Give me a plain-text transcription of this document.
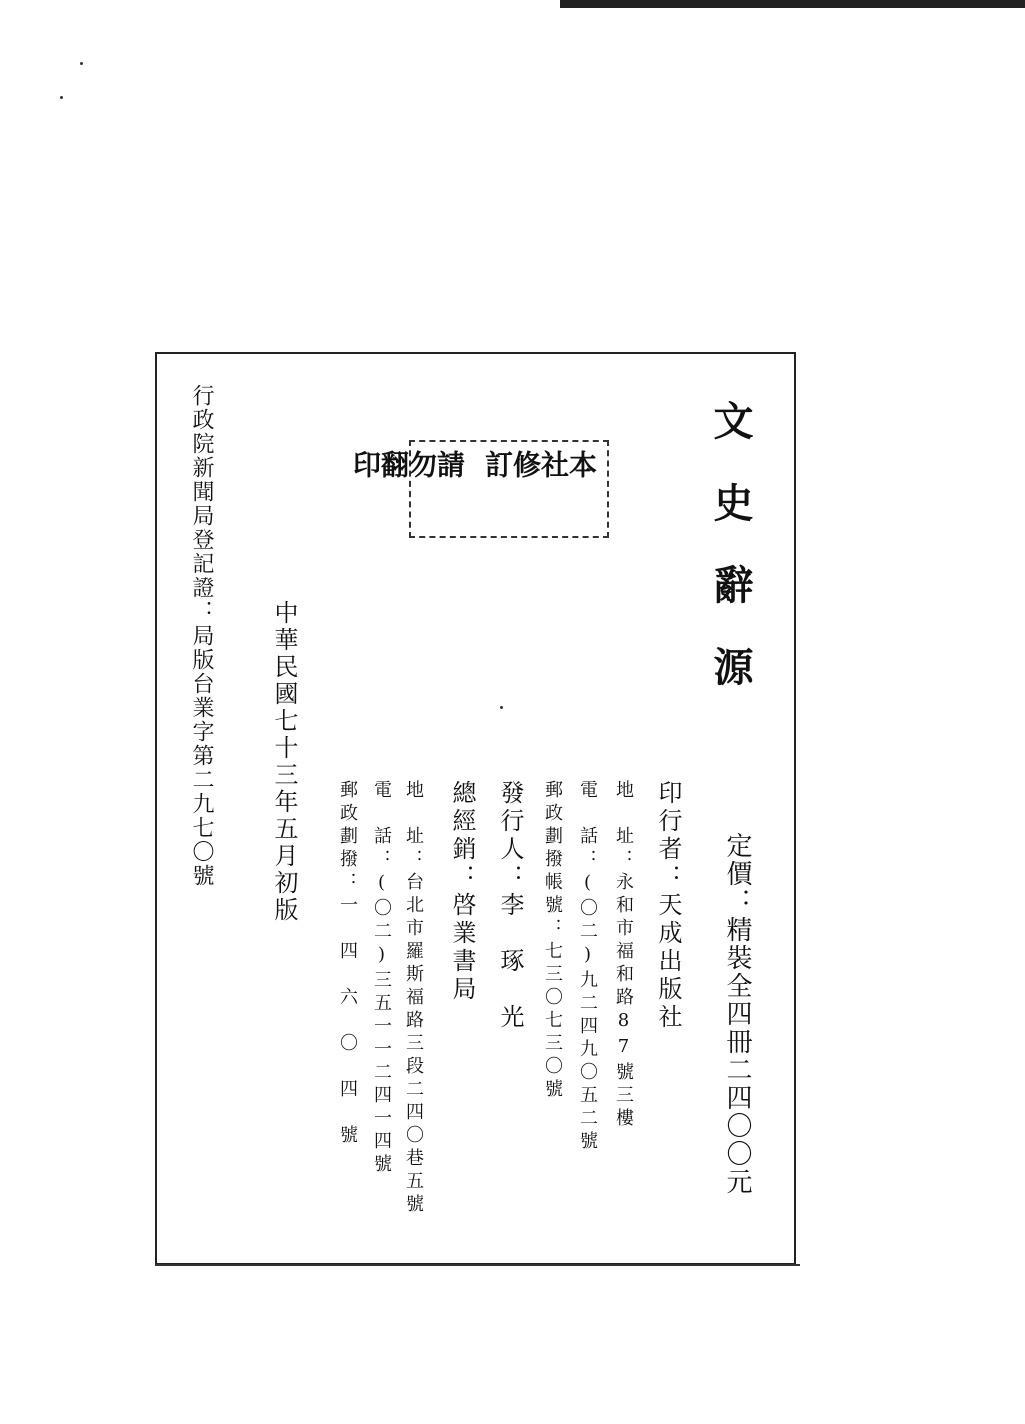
文史辭源
本社修訂
請勿翻印
定價：精裝全四冊二四〇〇元
印行者：天成出版社
地　址：永和市福和路87號三樓
電　話：(〇二)九二四九〇五二號
郵政劃撥帳號：七三〇七三〇號
發行人：李　琢　光
總經銷：啓業書局
地　址：台北市羅斯福路三段二四〇巷五號
電　話：(〇二)三五一一二四一四號
郵政劃撥：一　四　六　〇　四　號
中華民國七十三年五月初版
行政院新聞局登記證：局版台業字第二九七〇號
